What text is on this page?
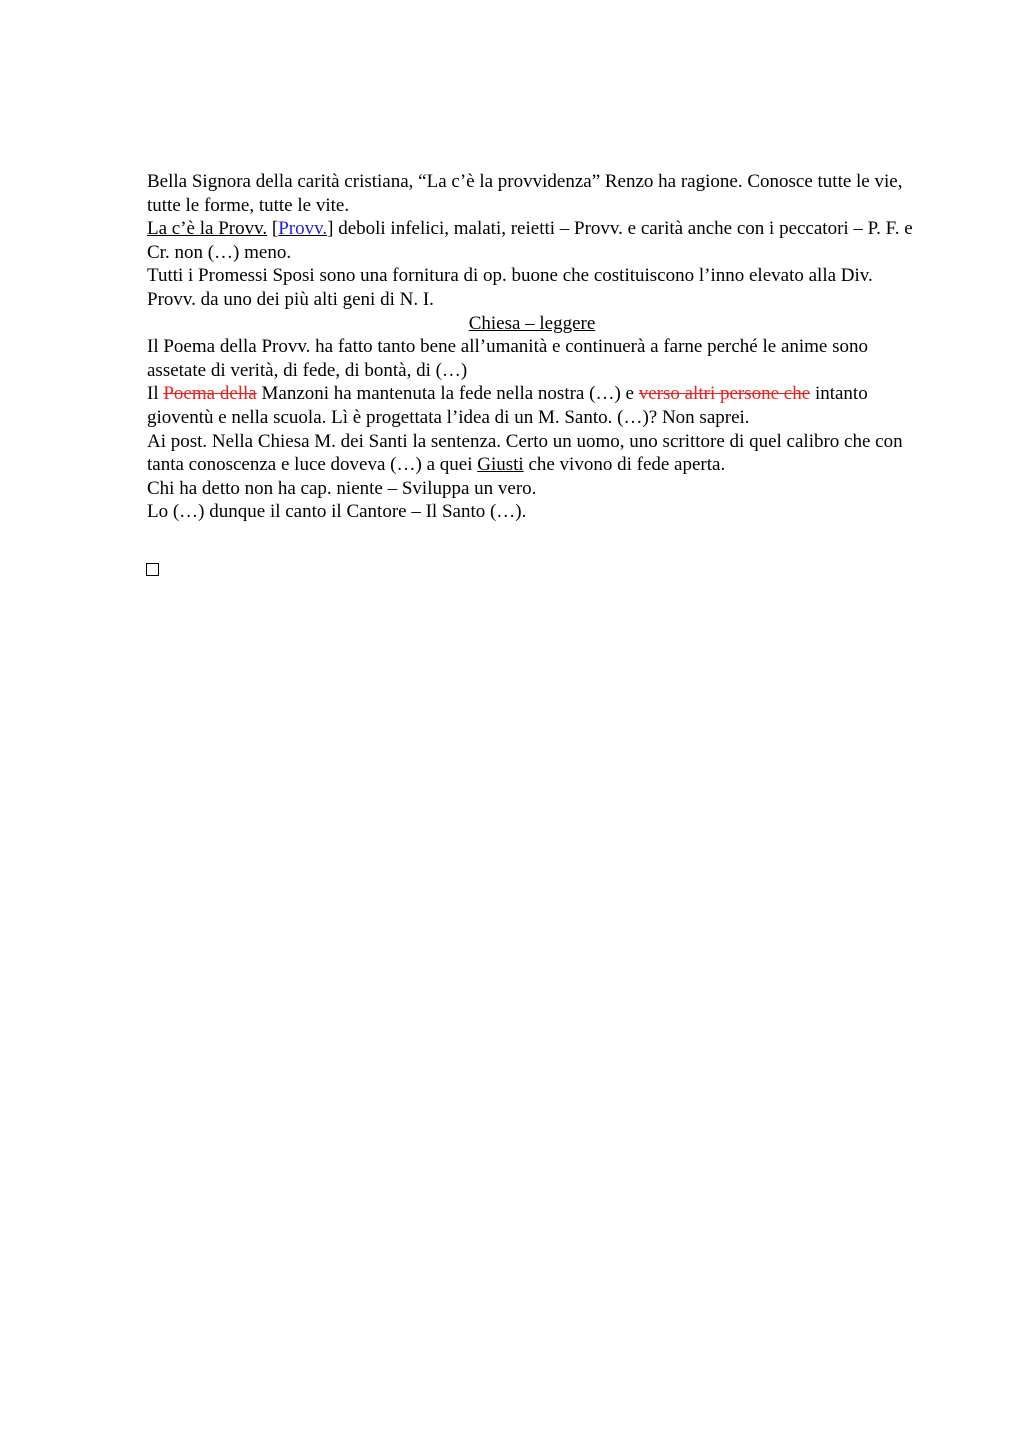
Bella Signora della carità cristiana, “La c’è la provvidenza” Renzo ha ragione. Conosce tutte le vie, tutte le forme, tutte le vite.

La c’è la Provv. [Provv.] deboli infelici, malati, reietti – Provv. e carità anche con i peccatori – P. F. e Cr. non (…) meno.

Tutti i Promessi Sposi sono una fornitura di op. buone che costituiscono l’inno elevato alla Div. Provv. da uno dei più alti geni di N. I.

Chiesa – leggere

Il Poema della Provv. ha fatto tanto bene all’umanità e continuerà a farne perché le anime sono assetate di verità, di fede, di bontà, di (…)

Il Poema della Manzoni ha mantenuta la fede nella nostra (…) e verso altri persone che intantо gioventù e nella scuola. Lì è progettata l’idea di un M. Santo. (…)? Non saprei.

Ai post. Nella Chiesa M. dei Santi la sentenza. Certo un uomo, uno scrittore di quel calibro che con tanta conoscenza e luce doveva (…) a quei Giusti che vivono di fede aperta.

Chi ha detto non ha cap. niente – Sviluppa un vero.

Lo (…) dunque il canto il Cantore – Il Santo (…).
